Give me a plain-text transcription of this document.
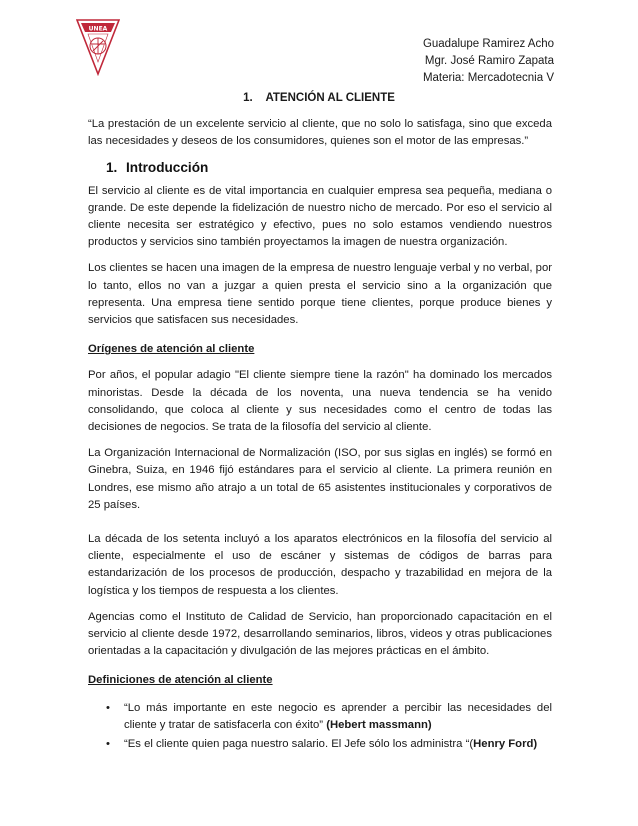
UNEA
Guadalupe Ramirez Acho
Mgr. José Ramiro Zapata
Materia: Mercadotecnia V
1. ATENCIÓN AL CLIENTE

“La prestación de un excelente servicio al cliente, que no solo lo satisfaga, sino que exceda las necesidades y deseos de los consumidores, quienes son el motor de las empresas.”

1. Introducción

El servicio al cliente es de vital importancia en cualquier empresa sea pequeña, mediana o grande. De este depende la fidelización de nuestro nicho de mercado. Por eso el servicio al cliente necesita ser estratégico y efectivo, pues no solo estamos vendiendo nuestros productos y servicios sino también proyectamos la imagen de nuestra organización.

Los clientes se hacen una imagen de la empresa de nuestro lenguaje verbal y no verbal, por lo tanto, ellos no van a juzgar a quien presta el servicio sino a la organización que representa. Una empresa tiene sentido porque tiene clientes, porque produce bienes y servicios que satisfacen sus necesidades.

Orígenes de atención al cliente

Por años, el popular adagio "El cliente siempre tiene la razón" ha dominado los mercados minoristas. Desde la década de los noventa, una nueva tendencia se ha venido consolidando, que coloca al cliente y sus necesidades como el centro de todas las decisiones de negocios. Se trata de la filosofía del servicio al cliente.

La Organización Internacional de Normalización (ISO, por sus siglas en inglés) se formó en Ginebra, Suiza, en 1946 fijó estándares para el servicio al cliente. La primera reunión en Londres, ese mismo año atrajo a un total de 65 asistentes institucionales y corporativos de 25 países.

La década de los setenta incluyó a los aparatos electrónicos en la filosofía del servicio al cliente, especialmente el uso de escáner y sistemas de códigos de barras para estandarización de los procesos de producción, despacho y trazabilidad en mejora de la logística y los tiempos de respuesta a los clientes.

Agencias como el Instituto de Calidad de Servicio, han proporcionado capacitación en el servicio al cliente desde 1972, desarrollando seminarios, libros, videos y otras publicaciones orientadas a la capacitación y divulgación de las mejores prácticas en el ámbito.

Definiciones de atención al cliente
• “Lo más importante en este negocio es aprender a percibir las necesidades del cliente y tratar de satisfacerla con éxito” (Hebert massmann)
• “Es el cliente quien paga nuestro salario. El Jefe sólo los administra “(Henry Ford)
